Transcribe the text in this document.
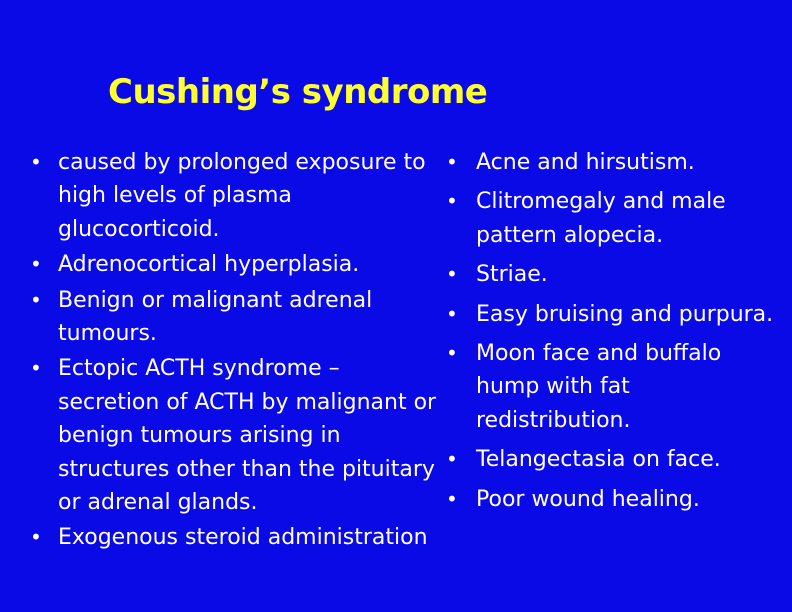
Cushing’s syndrome
• caused by prolonged exposure to high levels of plasma glucocorticoid.
• Adrenocortical hyperplasia.
• Benign or malignant adrenal tumours.
• Ectopic ACTH syndrome – secretion of ACTH by malignant or benign tumours arising in structures other than the pituitary or adrenal glands.
• Exogenous steroid administration
• Acne and hirsutism.
• Clitromegaly and male pattern alopecia.
• Striae.
• Easy bruising and purpura.
• Moon face and buffalo hump with fat redistribution.
• Telangectasia on face.
• Poor wound healing.
